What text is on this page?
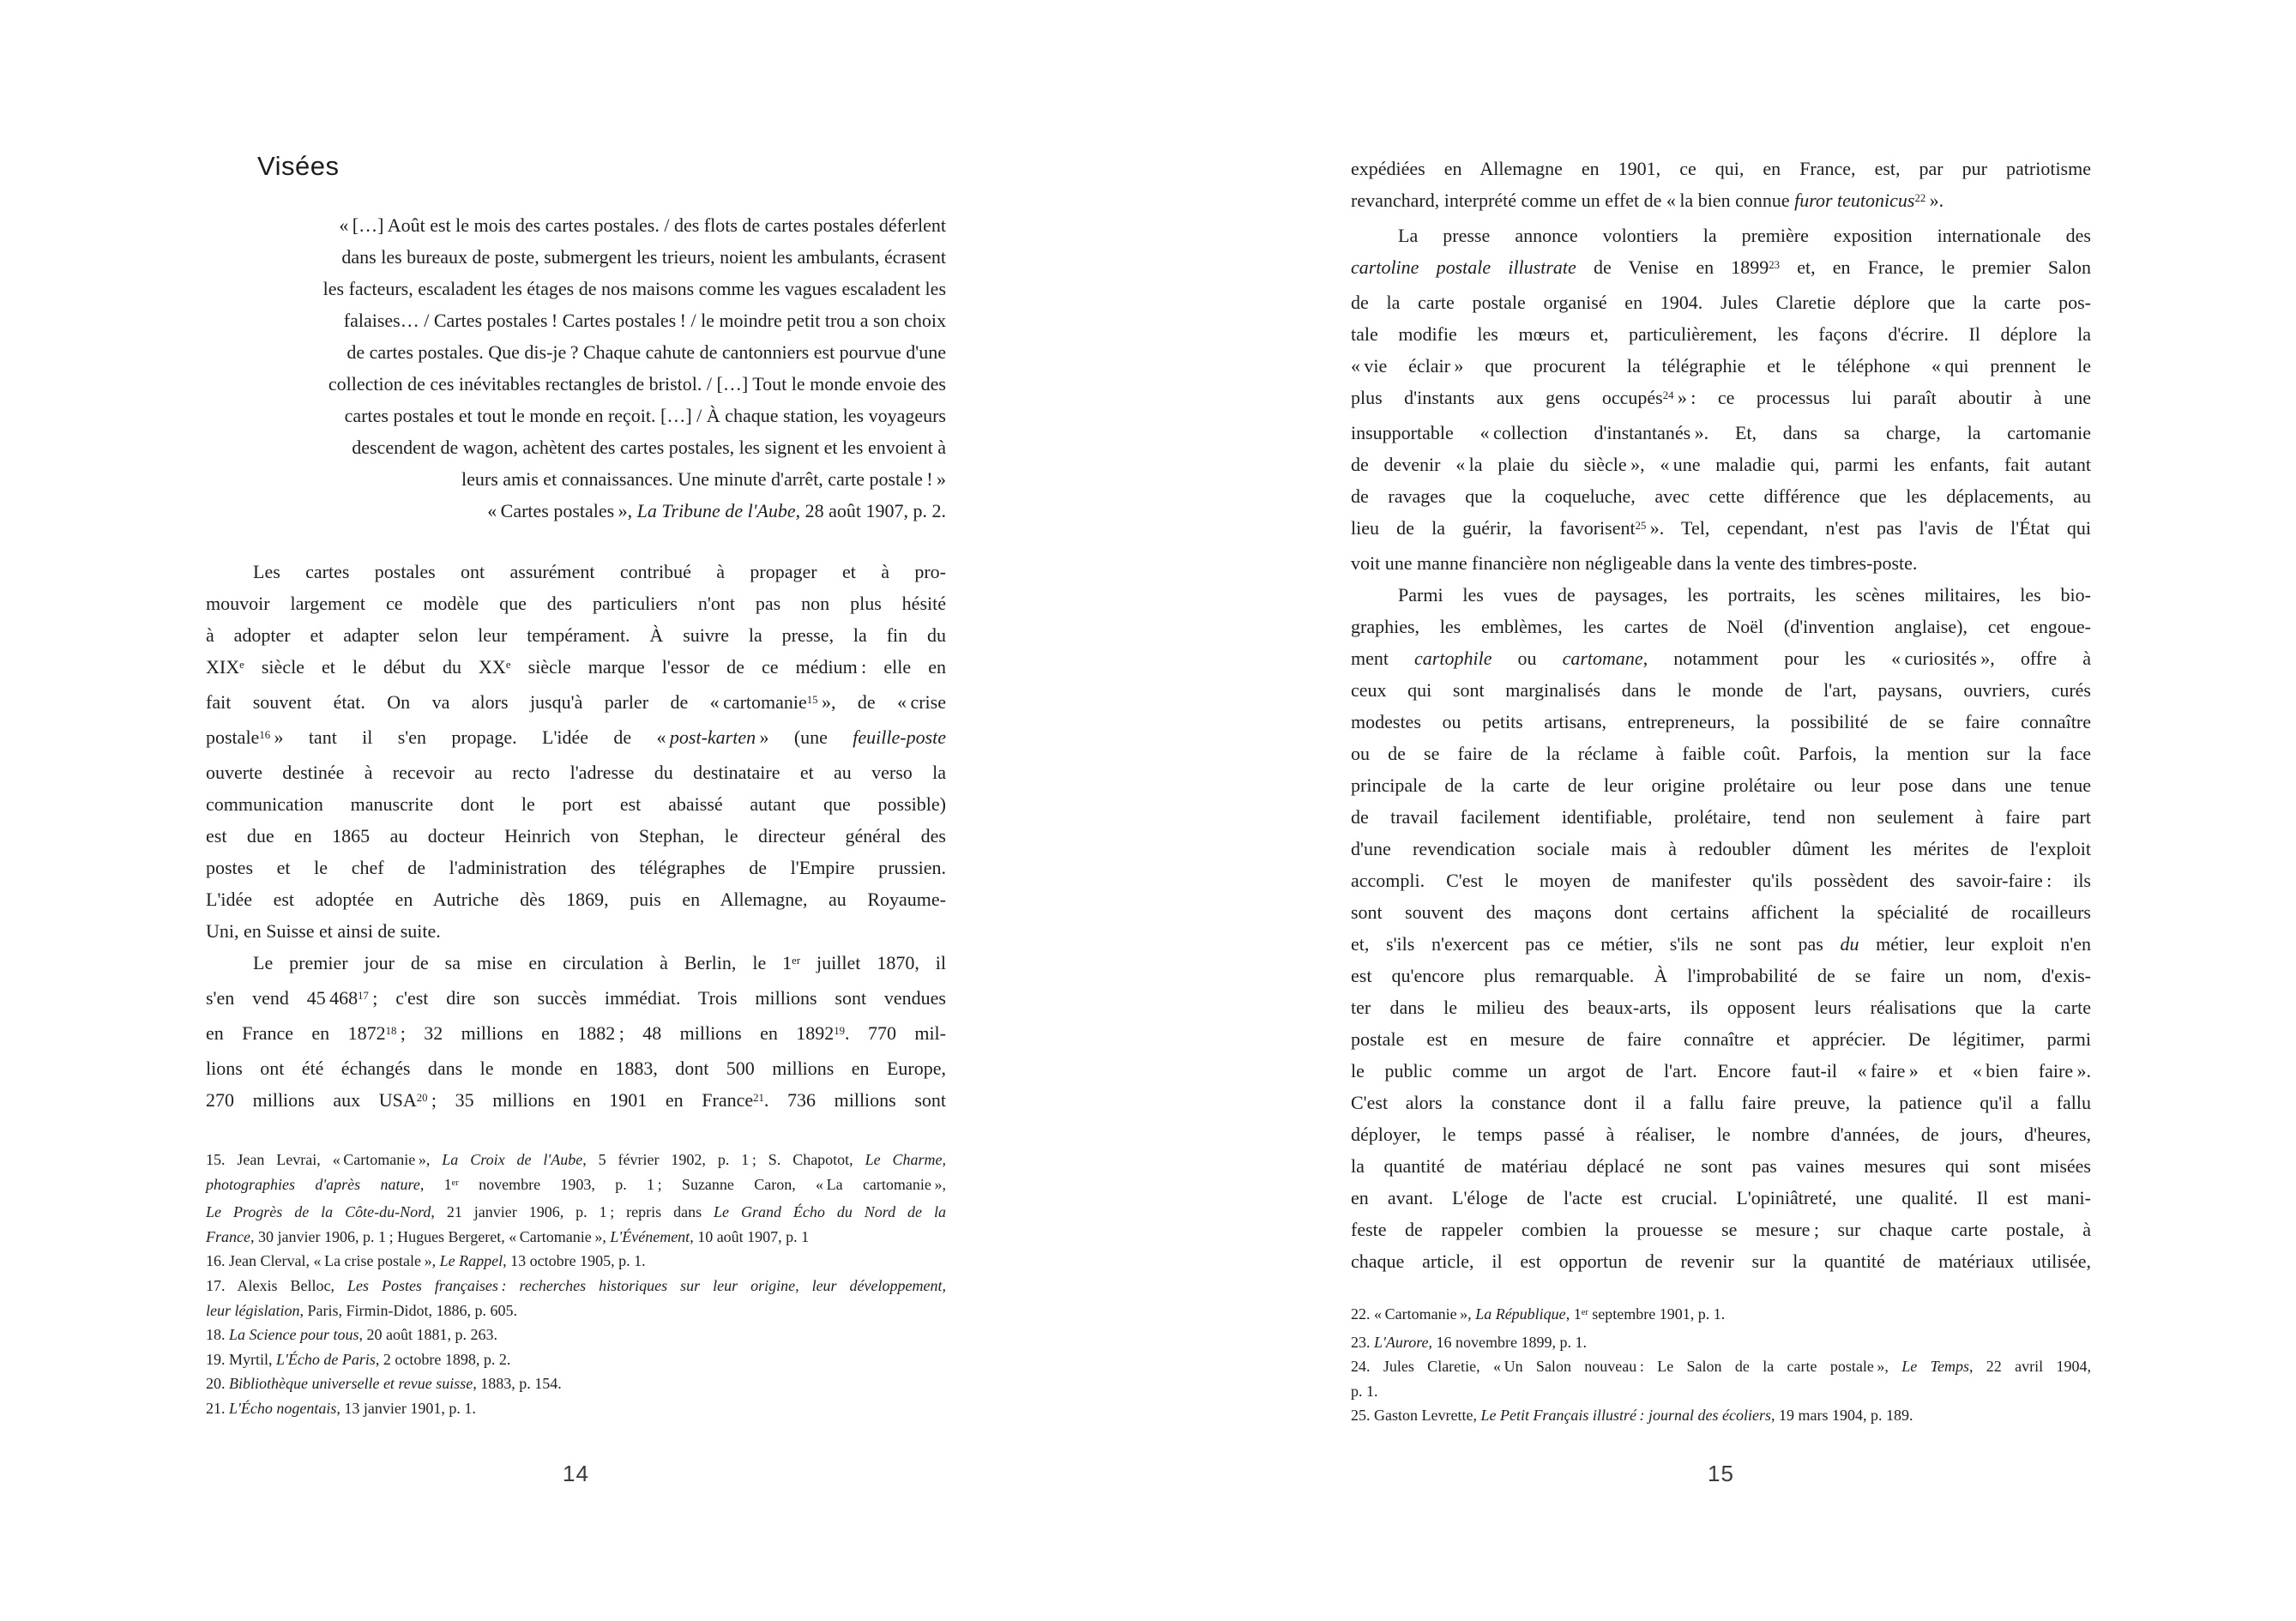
Visées
« […] Août est le mois des cartes postales. / des flots de cartes postales déferlent
dans les bureaux de poste, submergent les trieurs, noient les ambulants, écrasent
les facteurs, escaladent les étages de nos maisons comme les vagues escaladent les
falaises… / Cartes postales ! Cartes postales ! / le moindre petit trou a son choix
de cartes postales. Que dis-je ? Chaque cahute de cantonniers est pourvue d'une
collection de ces inévitables rectangles de bristol. / […] Tout le monde envoie des
cartes postales et tout le monde en reçoit. […] / À chaque station, les voyageurs
descendent de wagon, achètent des cartes postales, les signent et les envoient à
leurs amis et connaissances. Une minute d'arrêt, carte postale ! »
« Cartes postales », La Tribune de l'Aube, 28 août 1907, p. 2.
Les cartes postales ont assurément contribué à propager et à pro-
mouvoir largement ce modèle que des particuliers n'ont pas non plus hésité
à adopter et adapter selon leur tempérament. À suivre la presse, la fin du
XIXe siècle et le début du XXe siècle marque l'essor de ce médium : elle en
fait souvent état. On va alors jusqu'à parler de « cartomanie$^{15}$ », de « crise
postale$^{16}$ » tant il s'en propage. L'idée de « post-karten » (une feuille-poste
ouverte destinée à recevoir au recto l'adresse du destinataire et au verso la
communication manuscrite dont le port est abaissé autant que possible)
est due en 1865 au docteur Heinrich von Stephan, le directeur général des
postes et le chef de l'administration des télégraphes de l'Empire prussien.
L'idée est adoptée en Autriche dès 1869, puis en Allemagne, au Royaume-
Uni, en Suisse et ainsi de suite.
Le premier jour de sa mise en circulation à Berlin, le 1er juillet 1870, il
s'en vend 45 $468^{17}$ ; c'est dire son succès immédiat. Trois millions sont vendues
en France en 1872$^{18}$ ; 32 millions en 1882 ; 48 millions en 1892$^{19}$. 770 mil-
lions ont été échangés dans le monde en 1883, dont 500 millions en Europe,
270 millions aux USA$^{20}$ ; 35 millions en 1901 en France$^{21}$. 736 millions sont
15. Jean Levrai, « Cartomanie », La Croix de l'Aube, 5 février 1902, p. 1 ; S. Chapotot, Le Charme,
photographies d'après nature, 1er novembre 1903, p. 1 ; Suzanne Caron, « La cartomanie »,
Le Progrès de la Côte-du-Nord, 21 janvier 1906, p. 1 ; repris dans Le Grand Écho du Nord de la
France, 30 janvier 1906, p. 1 ; Hugues Bergeret, « Cartomanie », L'Événement, 10 août 1907, p. 1
16. Jean Clerval, « La crise postale », Le Rappel, 13 octobre 1905, p. 1.
17. Alexis Belloc, Les Postes françaises : recherches historiques sur leur origine, leur développement,
leur législation, Paris, Firmin-Didot, 1886, p. 605.
18. La Science pour tous, 20 août 1881, p. 263.
19. Myrtil, L'Écho de Paris, 2 octobre 1898, p. 2.
20. Bibliothèque universelle et revue suisse, 1883, p. 154.
21. L'Écho nogentais, 13 janvier 1901, p. 1.
14
expédiées en Allemagne en 1901, ce qui, en France, est, par pur patriotisme
revanchard, interprété comme un effet de « la bien connue furor teutonicus$^{22}$ ».
La presse annonce volontiers la première exposition internationale des
cartoline postale illustrate de Venise en 1899$^{23}$ et, en France, le premier Salon
de la carte postale organisé en 1904. Jules Claretie déplore que la carte pos-
tale modifie les mœurs et, particulièrement, les façons d'écrire. Il déplore la
« vie éclair » que procurent la télégraphie et le téléphone « qui prennent le
plus d'instants aux gens occupés$^{24}$ » : ce processus lui paraît aboutir à une
insupportable « collection d'instantanés ». Et, dans sa charge, la cartomanie
de devenir « la plaie du siècle », « une maladie qui, parmi les enfants, fait autant
de ravages que la coqueluche, avec cette différence que les déplacements, au
lieu de la guérir, la favorisent$^{25}$ ». Tel, cependant, n'est pas l'avis de l'État qui
voit une manne financière non négligeable dans la vente des timbres-poste.
Parmi les vues de paysages, les portraits, les scènes militaires, les bio-
graphies, les emblèmes, les cartes de Noël (d'invention anglaise), cet engoue-
ment cartophile ou cartomane, notamment pour les « curiosités », offre à
ceux qui sont marginalisés dans le monde de l'art, paysans, ouvriers, curés
modestes ou petits artisans, entrepreneurs, la possibilité de se faire connaître
ou de se faire de la réclame à faible coût. Parfois, la mention sur la face
principale de la carte de leur origine prolétaire ou leur pose dans une tenue
de travail facilement identifiable, prolétaire, tend non seulement à faire part
d'une revendication sociale mais à redoubler dûment les mérites de l'exploit
accompli. C'est le moyen de manifester qu'ils possèdent des savoir-faire : ils
sont souvent des maçons dont certains affichent la spécialité de rocailleurs
et, s'ils n'exercent pas ce métier, s'ils ne sont pas du métier, leur exploit n'en
est qu'encore plus remarquable. À l'improbabilité de se faire un nom, d'exis-
ter dans le milieu des beaux-arts, ils opposent leurs réalisations que la carte
postale est en mesure de faire connaître et apprécier. De légitimer, parmi
le public comme un argot de l'art. Encore faut-il « faire » et « bien faire ».
C'est alors la constance dont il a fallu faire preuve, la patience qu'il a fallu
déployer, le temps passé à réaliser, le nombre d'années, de jours, d'heures,
la quantité de matériau déplacé ne sont pas vaines mesures qui sont misées
en avant. L'éloge de l'acte est crucial. L'opiniâtreté, une qualité. Il est mani-
feste de rappeler combien la prouesse se mesure ; sur chaque carte postale, à
chaque article, il est opportun de revenir sur la quantité de matériaux utilisée,
22. « Cartomanie », La République, 1er septembre 1901, p. 1.
23. L'Aurore, 16 novembre 1899, p. 1.
24. Jules Claretie, « Un Salon nouveau : Le Salon de la carte postale », Le Temps, 22 avril 1904,
p. 1.
25. Gaston Levrette, Le Petit Français illustré : journal des écoliers, 19 mars 1904, p. 189.
15
